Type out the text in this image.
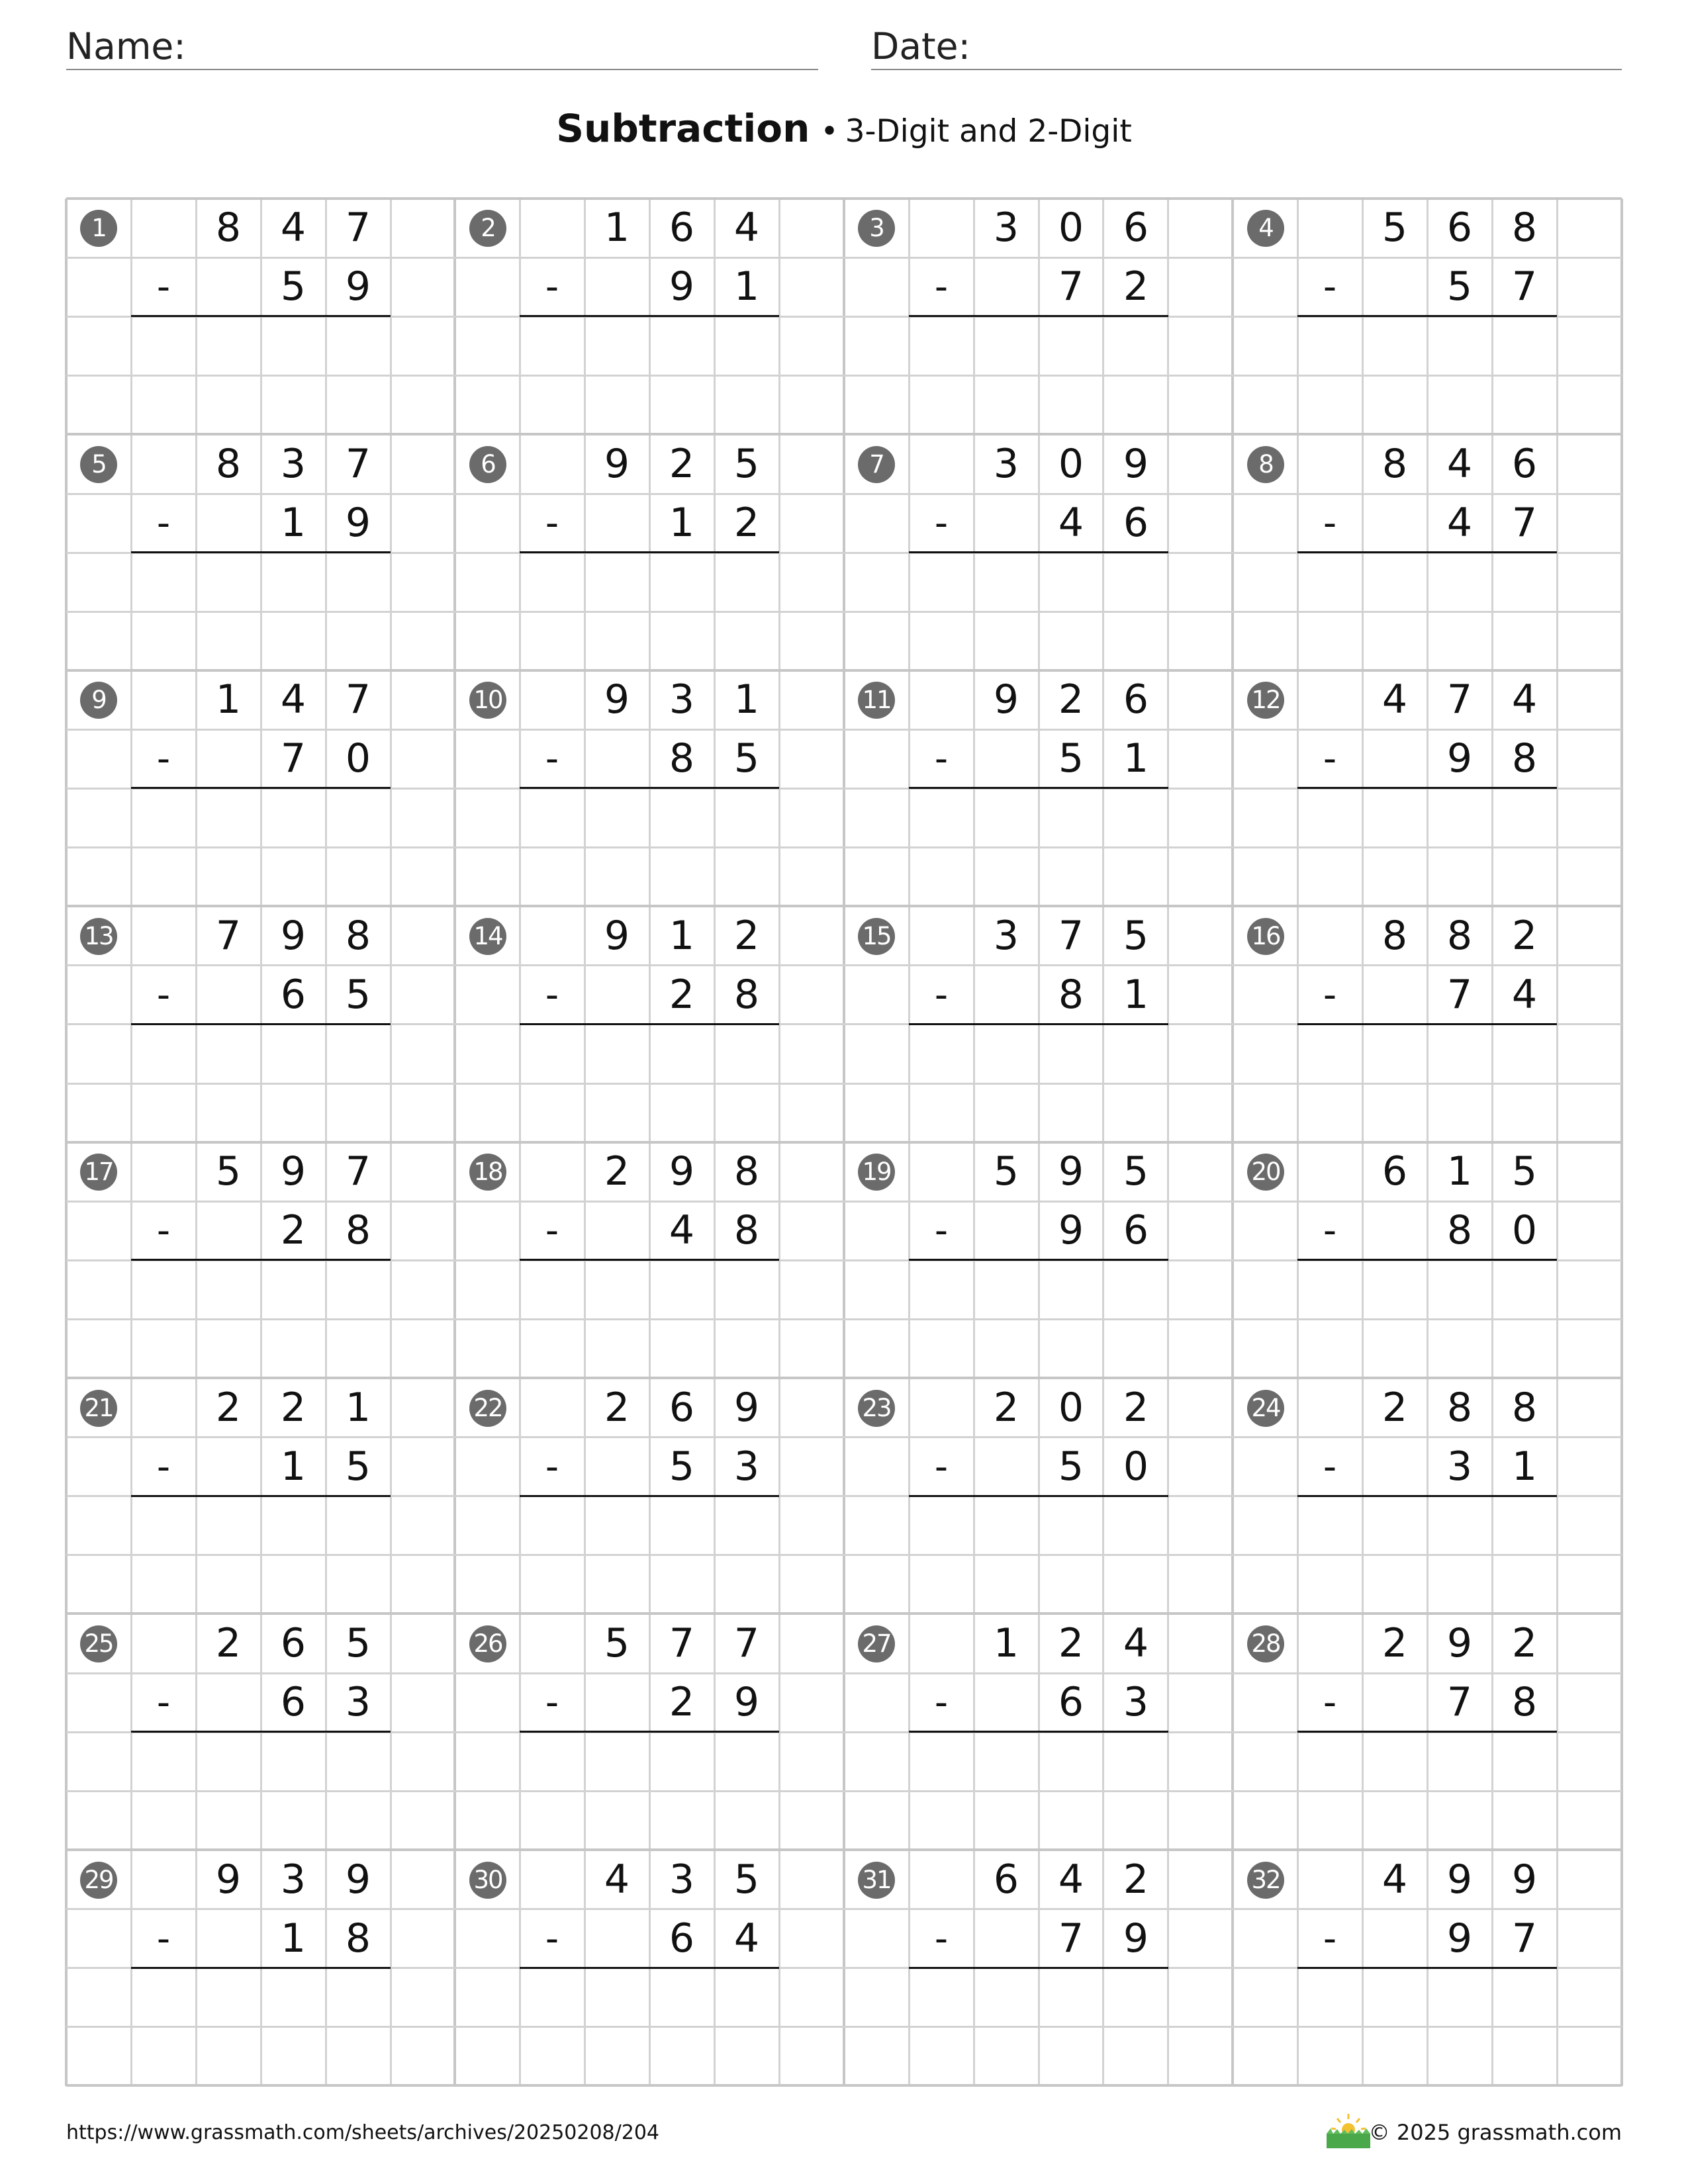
Name:	Date:
Subtraction • 3-Digit and 2-Digit
1	8 4 7
-	5 9
2	1 6 4
-	9 1
3	3 0 6
-	7 2
4	5 6 8
-	5 7
5	8 3 7
-	1 9
6	9 2 5
-	1 2
7	3 0 9
-	4 6
8	8 4 6
-	4 7
9	1 4 7
-	7 0
10	9 3 1
-	8 5
11	9 2 6
-	5 1
12	4 7 4
-	9 8
13	7 9 8
-	6 5
14	9 1 2
-	2 8
15	3 7 5
-	8 1
16	8 8 2
-	7 4
17	5 9 7
-	2 8
18	2 9 8
-	4 8
19	5 9 5
-	9 6
20	6 1 5
-	8 0
21	2 2 1
-	1 5
22	2 6 9
-	5 3
23	2 0 2
-	5 0
24	2 8 8
-	3 1
25	2 6 5
-	6 3
26	5 7 7
-	2 9
27	1 2 4
-	6 3
28	2 9 2
-	7 8
29	9 3 9
-	1 8
30	4 3 5
-	6 4
31	6 4 2
-	7 9
32	4 9 9
-	9 7
https://www.grassmath.com/sheets/archives/20250208/204	© 2025 grassmath.com
